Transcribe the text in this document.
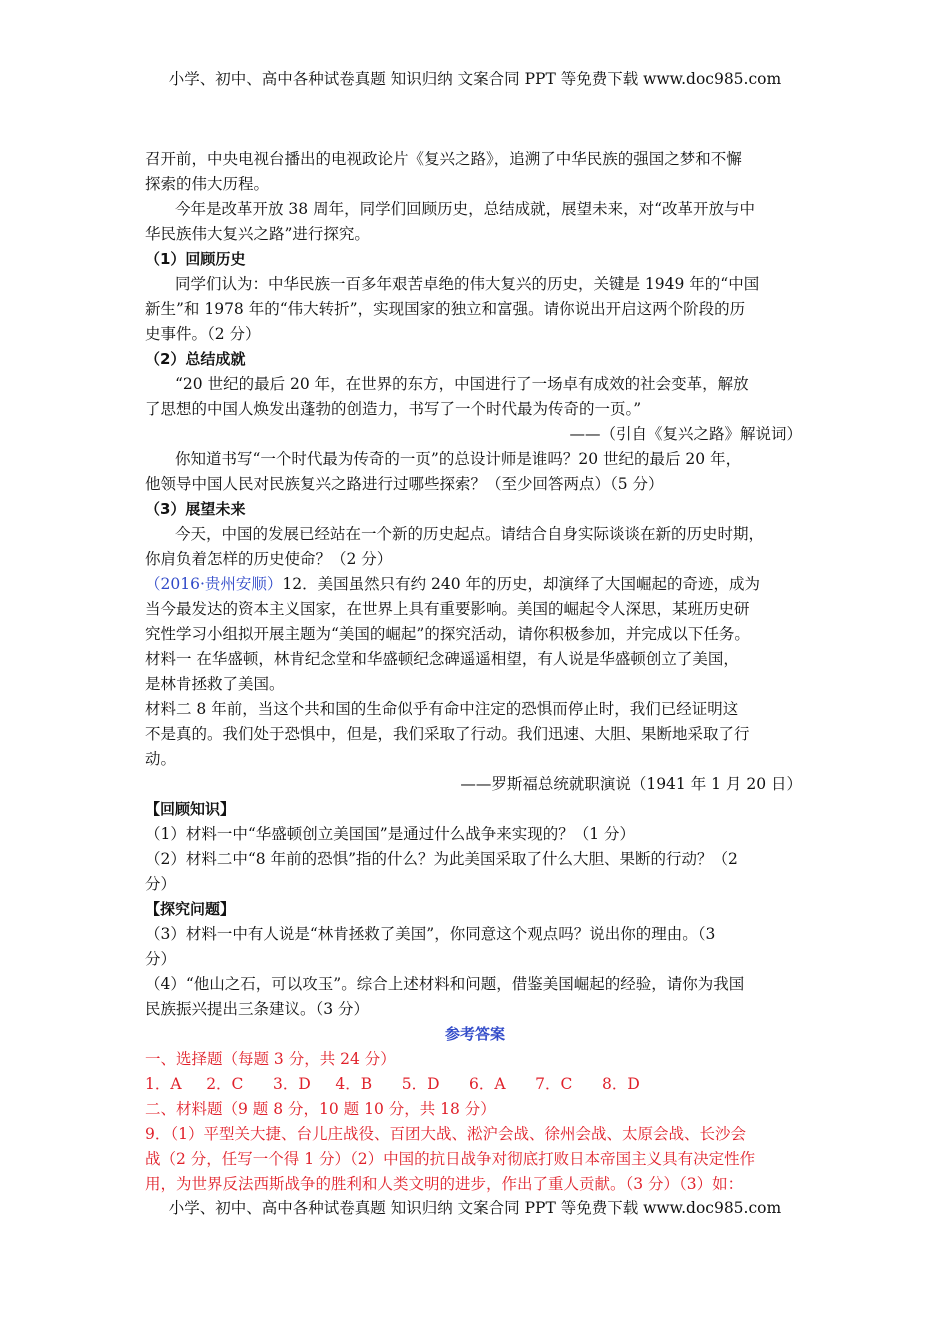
小学、初中、高中各种试卷真题 知识归纳 文案合同 PPT 等免费下载 www.doc985.com
召开前，中央电视台播出的电视政论片《复兴之路》，追溯了中华民族的强国之梦和不懈
探索的伟大历程。
今年是改革开放 38 周年，同学们回顾历史，总结成就，展望未来，对“改革开放与中
华民族伟大复兴之路”进行探究。
（1）回顾历史
同学们认为：中华民族一百多年艰苦卓绝的伟大复兴的历史，关键是 1949 年的“中国
新生”和 1978 年的“伟大转折”，实现国家的独立和富强。请你说出开启这两个阶段的历
史事件。（2 分）
（2）总结成就
“20 世纪的最后 20 年，在世界的东方，中国进行了一场卓有成效的社会变革，解放
了思想的中国人焕发出蓬勃的创造力，书写了一个时代最为传奇的一页。”
——（引自《复兴之路》解说词）
你知道书写“一个时代最为传奇的一页”的总设计师是谁吗？20 世纪的最后 20 年，
他领导中国人民对民族复兴之路进行过哪些探索？（至少回答两点）（5 分）
（3）展望未来
今天，中国的发展已经站在一个新的历史起点。请结合自身实际谈谈在新的历史时期，
你肩负着怎样的历史使命？（2 分）
（2016·贵州安顺）12．美国虽然只有约 240 年的历史，却演绎了大国崛起的奇迹，成为
当今最发达的资本主义国家，在世界上具有重要影响。美国的崛起令人深思，某班历史研
究性学习小组拟开展主题为“美国的崛起”的探究活动，请你积极参加，并完成以下任务。
材料一 在华盛顿，林肯纪念堂和华盛顿纪念碑遥遥相望，有人说是华盛顿创立了美国，
是林肯拯救了美国。
材料二 8 年前，当这个共和国的生命似乎有命中注定的恐惧而停止时，我们已经证明这
不是真的。我们处于恐惧中，但是，我们采取了行动。我们迅速、大胆、果断地采取了行
动。
——罗斯福总统就职演说（1941 年 1 月 20 日）
【回顾知识】
（1）材料一中“华盛顿创立美国国”是通过什么战争来实现的？（1 分）
（2）材料二中“8 年前的恐惧”指的什么？为此美国采取了什么大胆、果断的行动？（2
分）
【探究问题】
（3）材料一中有人说是“林肯拯救了美国”，你同意这个观点吗？说出你的理由。（3
分）
（4）“他山之石，可以攻玉”。综合上述材料和问题，借鉴美国崛起的经验，请你为我国
民族振兴提出三条建议。（3 分）
参考答案
一、选择题（每题 3 分，共 24 分）
1．A     2．C      3．D     4．B      5．D      6．A      7．C      8．D
二、材料题（9 题 8 分，10 题 10 分，共 18 分）
9．（1）平型关大捷、台儿庄战役、百团大战、淞沪会战、徐州会战、太原会战、长沙会
战（2 分，任写一个得 1 分）（2）中国的抗日战争对彻底打败日本帝国主义具有决定性作
用，为世界反法西斯战争的胜利和人类文明的进步，作出了重人贡献。（3 分）（3）如：
小学、初中、高中各种试卷真题 知识归纳 文案合同 PPT 等免费下载 www.doc985.com
